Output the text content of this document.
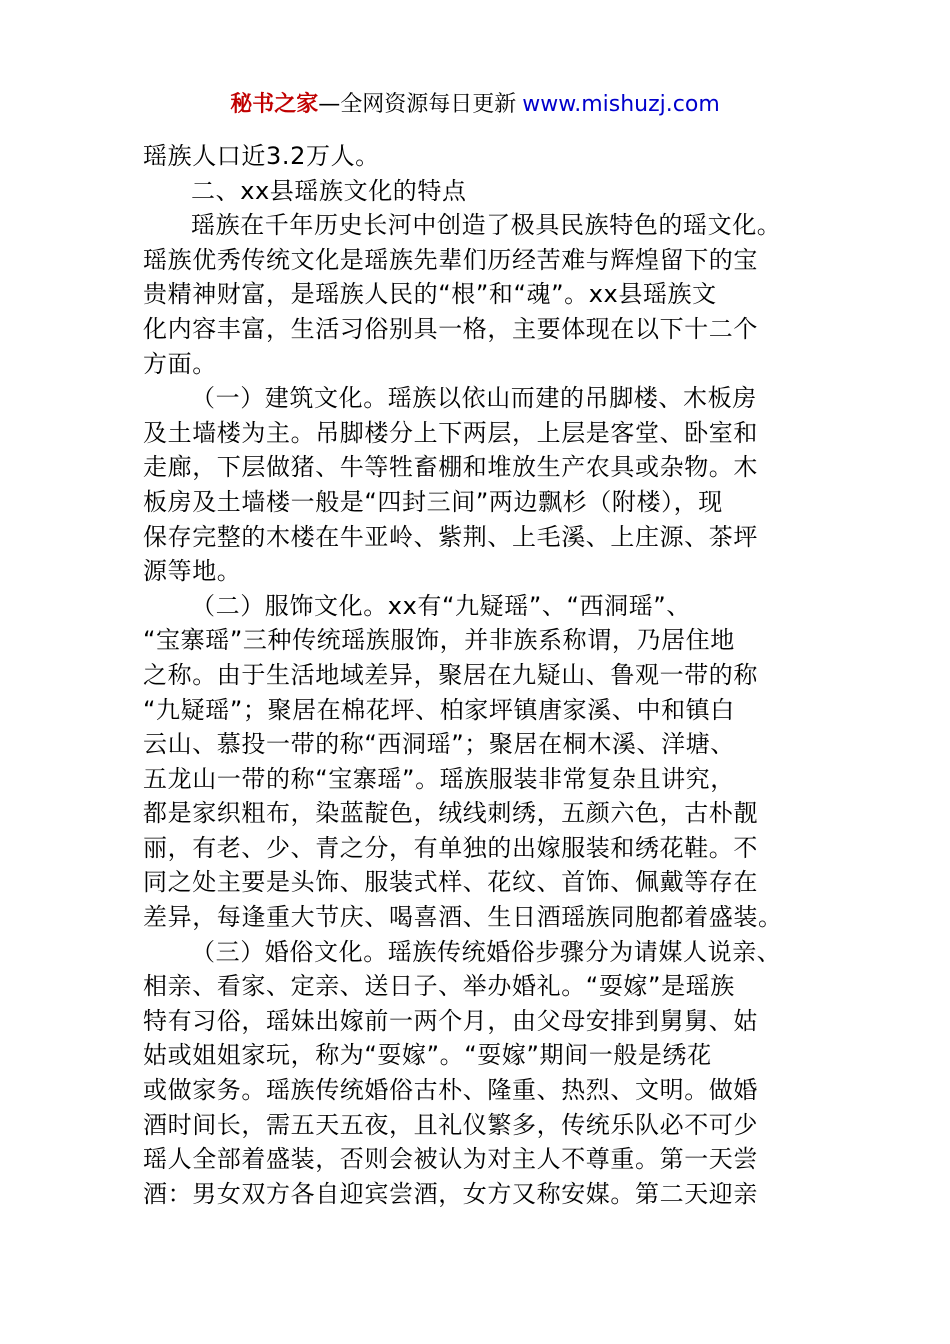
秘书之家—全网资源每日更新 www.mishuzj.com
瑶族人口近3.2万人。
二、xx县瑶族文化的特点
瑶族在千年历史长河中创造了极具民族特色的瑶文化。
瑶族优秀传统文化是瑶族先辈们历经苦难与辉煌留下的宝
贵精神财富，是瑶族人民的“根”和“魂”。xx县瑶族文
化内容丰富，生活习俗别具一格，主要体现在以下十二个
方面。
（一）建筑文化。瑶族以依山而建的吊脚楼、木板房
及土墙楼为主。吊脚楼分上下两层，上层是客堂、卧室和
走廊，下层做猪、牛等牲畜棚和堆放生产农具或杂物。木
板房及土墙楼一般是“四封三间”两边飘杉（附楼），现
保存完整的木楼在牛亚岭、紫荆、上毛溪、上庄源、茶坪
源等地。
（二）服饰文化。xx有“九疑瑶”、“西洞瑶”、
“宝寨瑶”三种传统瑶族服饰，并非族系称谓，乃居住地
之称。由于生活地域差异，聚居在九疑山、鲁观一带的称
“九疑瑶”；聚居在棉花坪、柏家坪镇唐家溪、中和镇白
云山、慕投一带的称“西洞瑶”；聚居在桐木溪、洋塘、
五龙山一带的称“宝寨瑶”。瑶族服装非常复杂且讲究，
都是家织粗布，染蓝靛色，绒线刺绣，五颜六色，古朴靓
丽，有老、少、青之分，有单独的出嫁服装和绣花鞋。不
同之处主要是头饰、服装式样、花纹、首饰、佩戴等存在
差异，每逢重大节庆、喝喜酒、生日酒瑶族同胞都着盛装。
（三）婚俗文化。瑶族传统婚俗步骤分为请媒人说亲、
相亲、看家、定亲、送日子、举办婚礼。“耍嫁”是瑶族
特有习俗，瑶妹出嫁前一两个月，由父母安排到舅舅、姑
姑或姐姐家玩，称为“耍嫁”。“耍嫁”期间一般是绣花
或做家务。瑶族传统婚俗古朴、隆重、热烈、文明。做婚
酒时间长，需五天五夜，且礼仪繁多，传统乐队必不可少
瑶人全部着盛装，否则会被认为对主人不尊重。第一天尝
酒：男女双方各自迎宾尝酒，女方又称安媒。第二天迎亲
